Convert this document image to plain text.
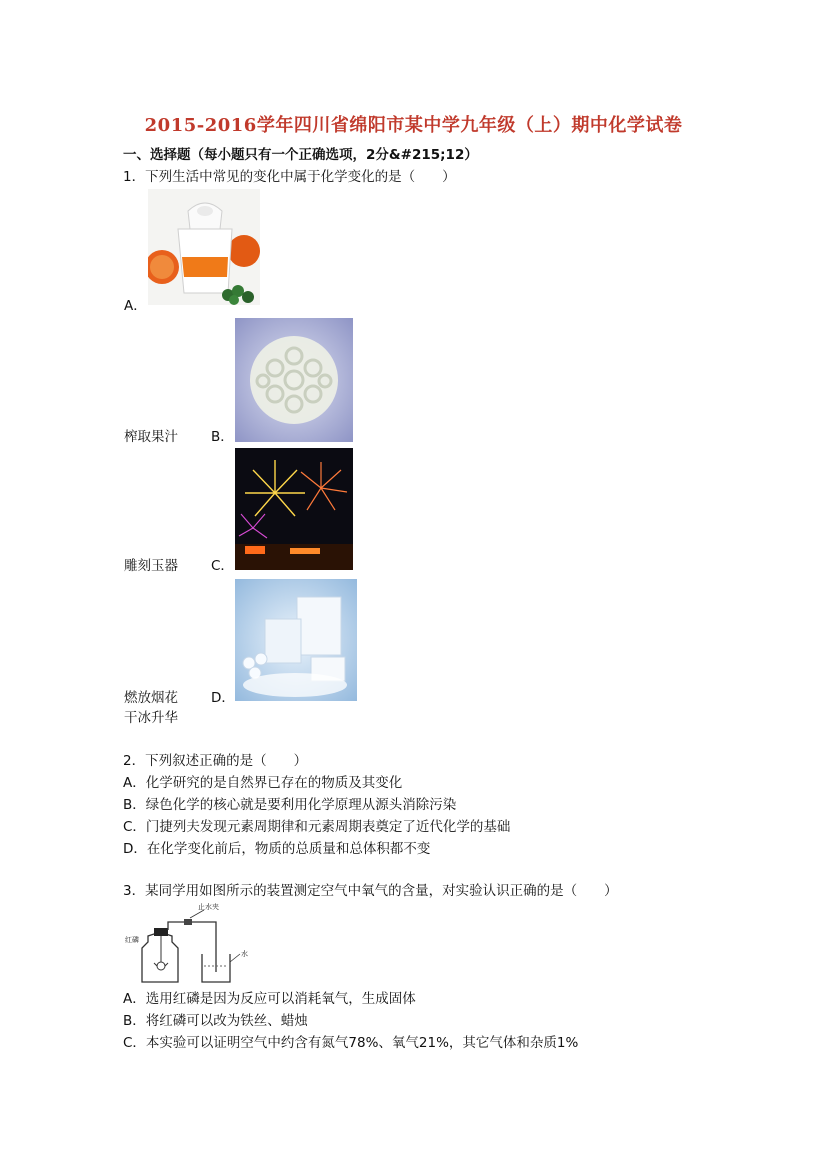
2015-2016学年四川省绵阳市某中学九年级（上）期中化学试卷
一、选择题（每小题只有一个正确选项，2分&#215;12）
1．下列生活中常见的变化中属于化学变化的是（　　）
A．
榨取果汁 B．
雕刻玉器 C．
燃放烟花 D．
干冰升华
2．下列叙述正确的是（　　）
A．化学研究的是自然界已存在的物质及其变化
B．绿色化学的核心就是要利用化学原理从源头消除污染
C．门捷列夫发现元素周期律和元素周期表奠定了近代化学的基础
D．在化学变化前后，物质的总质量和总体积都不变
3．某同学用如图所示的装置测定空气中氧气的含量，对实验认识正确的是（　　）
止水夹
水
红磷
A．选用红磷是因为反应可以消耗氧气，生成固体
B．将红磷可以改为铁丝、蜡烛
C．本实验可以证明空气中约含有氮气78%、氧气21%，其它气体和杂质1%
